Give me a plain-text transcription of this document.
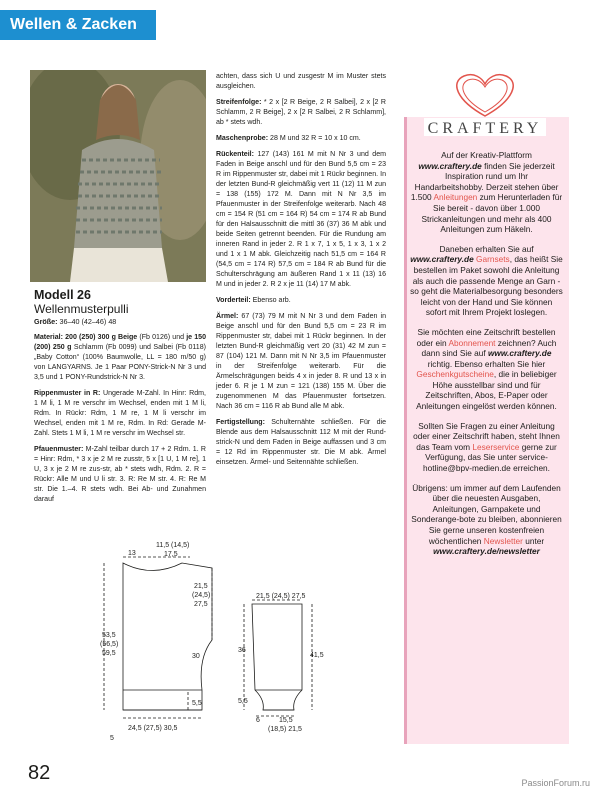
Wellen & Zacken
Modell 26

Wellenmusterpulli

Größe: 36–40 (42–46) 48

Material: 200 (250) 300 g Beige (Fb 0126) und je 150 (200) 250 g Schlamm (Fb 0099) und Salbei (Fb 0118) „Baby Cotton“ (100% Baumwolle, LL = 180 m/50 g) von LANGYARNS. Je 1 Paar PONY-Strick-N Nr 3 und 3,5 und 1 PONY-Rundstrick-N Nr 3.

Rippenmuster in R: Ungerade M-Zahl. In Hinr: Rdm, 1 M li, 1 M re verschr im Wechsel, enden mit 1 M li, Rdm. In Rückr: Rdm, 1 M re, 1 M li verschr im Wechsel, enden mit 1 M re, Rdm. In Rd: Gerade M-Zahl. Stets 1 M li, 1 M re verschr im Wechsel str.

Pfauenmuster: M-Zahl teilbar durch 17 + 2 Rdm. 1. R = Hinr: Rdm, * 3 x je 2 M re zusstr, 5 x [1 U, 1 M re], 1 U, 3 x je 2 M re zus-str, ab * stets wdh, Rdm. 2. R = Rückr: Alle M und U li str. 3. R: Re M str. 4. R: Re M str. Die 1.–4. R stets wdh. Bei Ab- und Zunahmen darauf

achten, dass sich U und zusgestr M im Muster stets ausgleichen.

Streifenfolge: * 2 x [2 R Beige, 2 R Salbei], 2 x [2 R Schlamm, 2 R Beige], 2 x [2 R Salbei, 2 R Schlamm], ab * stets wdh.

Maschenprobe: 28 M und 32 R = 10 x 10 cm.

Rückenteil: 127 (143) 161 M mit N Nr 3 und dem Faden in Beige anschl und für den Bund 5,5 cm = 23 R im Rippenmuster str, dabei mit 1 Rückr beginnen. In der letzten Bund-R gleichmäßig vert 11 (12) 11 M zun = 138 (155) 172 M. Dann mit N Nr 3,5 im Pfauenmuster in der Streifenfolge weiterarb. Nach 48 cm = 154 R (51 cm = 164 R) 54 cm = 174 R ab Bund für den Halsausschnitt die mittl 36 (37) 36 M abk und beide Seiten getrennt beenden. Für die Rundung am inneren Rand in jeder 2. R 1 x 7, 1 x 5, 1 x 3, 1 x 2 und 1 x 1 M abk. Gleichzeitig nach 51,5 cm = 164 R (54,5 cm = 174 R) 57,5 cm = 184 R ab Bund für die Schulterschrägung am äußeren Rand 1 x 11 (13) 16 M und in jeder 2. R 2 x je 11 (14) 17 M abk.

Vorderteil: Ebenso arb.

Ärmel: 67 (73) 79 M mit N Nr 3 und dem Faden in Beige anschl und für den Bund 5,5 cm = 23 R im Rippenmuster str, dabei mit 1 Rückr beginnen. In der letzten Bund-R gleichmäßig vert 20 (31) 42 M zun = 87 (104) 121 M. Dann mit N Nr 3,5 im Pfauenmuster in der Streifenfolge weiterarb. Für die Ärmelschrägungen beids 4 x in jeder 8. R und 13 x in jeder 6. R je 1 M zun = 121 (138) 155 M. Über die zugenommenen M das Pfauenmuster fortsetzen. Nach 36 cm = 116 R ab Bund alle M abk.

Fertigstellung: Schulternähte schließen. Für die Blende aus dem Halsausschnitt 112 M mit der Rund-strick-N und dem Faden in Beige auffassen und 3 cm = 12 Rd im Rippenmuster str. Die M abk. Ärmel einsetzen. Ärmel- und Seitennähte schließen.

CRAFTERY

Auf der Kreativ-Plattform www.craftery.de finden Sie jederzeit Inspiration rund um Ihr Handarbeitshobby. Derzeit stehen über 1.500 Anleitungen zum Herunterladen für Sie bereit - davon über 1.000 Strickanleitungen und mehr als 400 Anleitungen zum Häkeln.

Daneben erhalten Sie auf www.craftery.de Garnsets, das heißt Sie bestellen im Paket sowohl die Anleitung als auch die passende Menge an Garn - so geht die Materialbesorgung besonders leicht von der Hand und Sie können sofort mit Ihrem Projekt loslegen.

Sie möchten eine Zeitschrift bestellen oder ein Abonnement zeichnen? Auch dann sind Sie auf www.craftery.de richtig. Ebenso erhalten Sie hier Geschenkgutscheine, die in beliebiger Höhe ausstellbar sind und für Zeitschriften, Abos, E-Paper oder Anleitungen eingelöst werden können.

Sollten Sie Fragen zu einer Anleitung oder einer Zeitschrift haben, steht Ihnen das Team vom Leserservice gerne zur Verfügung, das Sie unter service-hotline@bpv-medien.de erreichen.

Übrigens: um immer auf dem Laufenden über die neuesten Ausgaben, Anleitungen, Garnpakete und Sonderange-bote zu bleiben, abonnieren Sie gerne unseren kostenfreien wöchentlichen Newsletter unter www.craftery.de/newsletter

13
11,5 (14,5)
17,5
21,5
(24,5)
27,5
53,5
(56,5)
59,5	30
5,5
5
24,5 (27,5) 30,5
21,5 (24,5) 27,5
36
41,5
5,5
6	15,5
(18,5) 21,5
82	PassionForum.ru
